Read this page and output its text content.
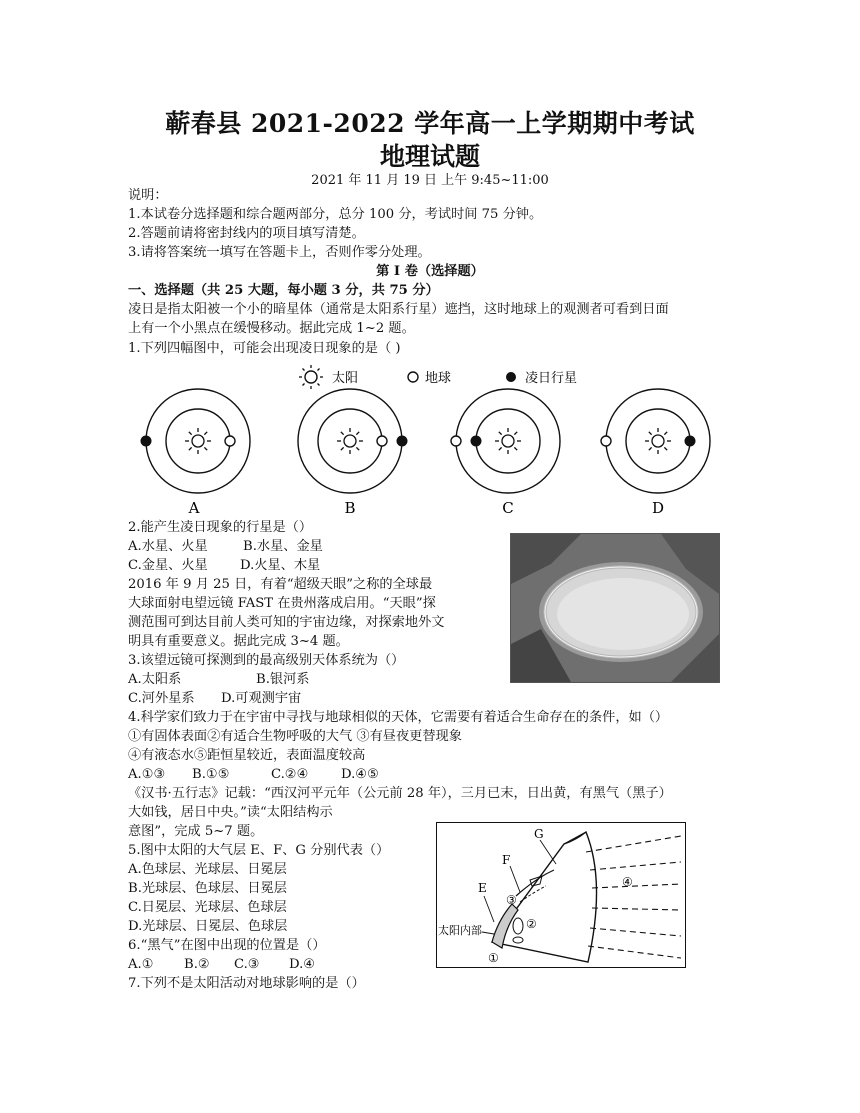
蕲春县 2021-2022 学年高一上学期期中考试
地理试题
2021 年 11 月 19 日 上午 9:45~11:00
说明：
1.本试卷分选择题和综合题两部分，总分 100 分，考试时间 75 分钟。
2.答题前请将密封线内的项目填写清楚。
3.请将答案统一填写在答题卡上，否则作零分处理。
第 I 卷（选择题）
一、选择题（共 25 大题，每小题 3 分，共 75 分）
凌日是指太阳被一个小的暗星体（通常是太阳系行星）遮挡，这时地球上的观测者可看到日面
上有一个小黑点在缓慢移动。据此完成 1~2 题。
1.下列四幅图中，可能会出现凌日现象的是（ )
太阳	地球	凌日行星
A	B	C	D
2.能产生凌日现象的行星是（）
A.水星、火星	B.水星、金星
C.金星、火星 D.火星、木星
2016 年 9 月 25 日，有着“超级天眼”之称的全球最
大球面射电望远镜 FAST 在贵州落成启用。“天眼”探
测范围可到达目前人类可知的宇宙边缘，对探索地外文
明具有重要意义。据此完成 3~4 题。
3.该望远镜可探测到的最高级别天体系统为（）
A.太阳系	B.银河系
C.河外星系 D.可观测宇宙
4.科学家们致力于在宇宙中寻找与地球相似的天体，它需要有着适合生命存在的条件，如（）
①有固体表面②有适合生物呼吸的大气 ③有昼夜更替现象
④有液态水⑤距恒星较近，表面温度较高
A.①③ B.①⑤	C.②④ D.④⑤
《汉书·五行志》记载：“西汉河平元年（公元前 28 年），三月已末，日出黄，有黑气（黑子）
大如钱，居日中央。”读“太阳结构示
意图”，完成 5~7 题。
5.图中太阳的大气层 E、F、G 分别代表（）
A.色球层、光球层、日冕层
B.光球层、色球层、日冕层
C.日冕层、光球层、色球层
D.光球层、日冕层、色球层
6.“黑气”在图中出现的位置是（）
A.① B.② C.③ D.④
7.下列不是太阳活动对地球影响的是（）
E
F
G
太阳内部
①
②
③
④
